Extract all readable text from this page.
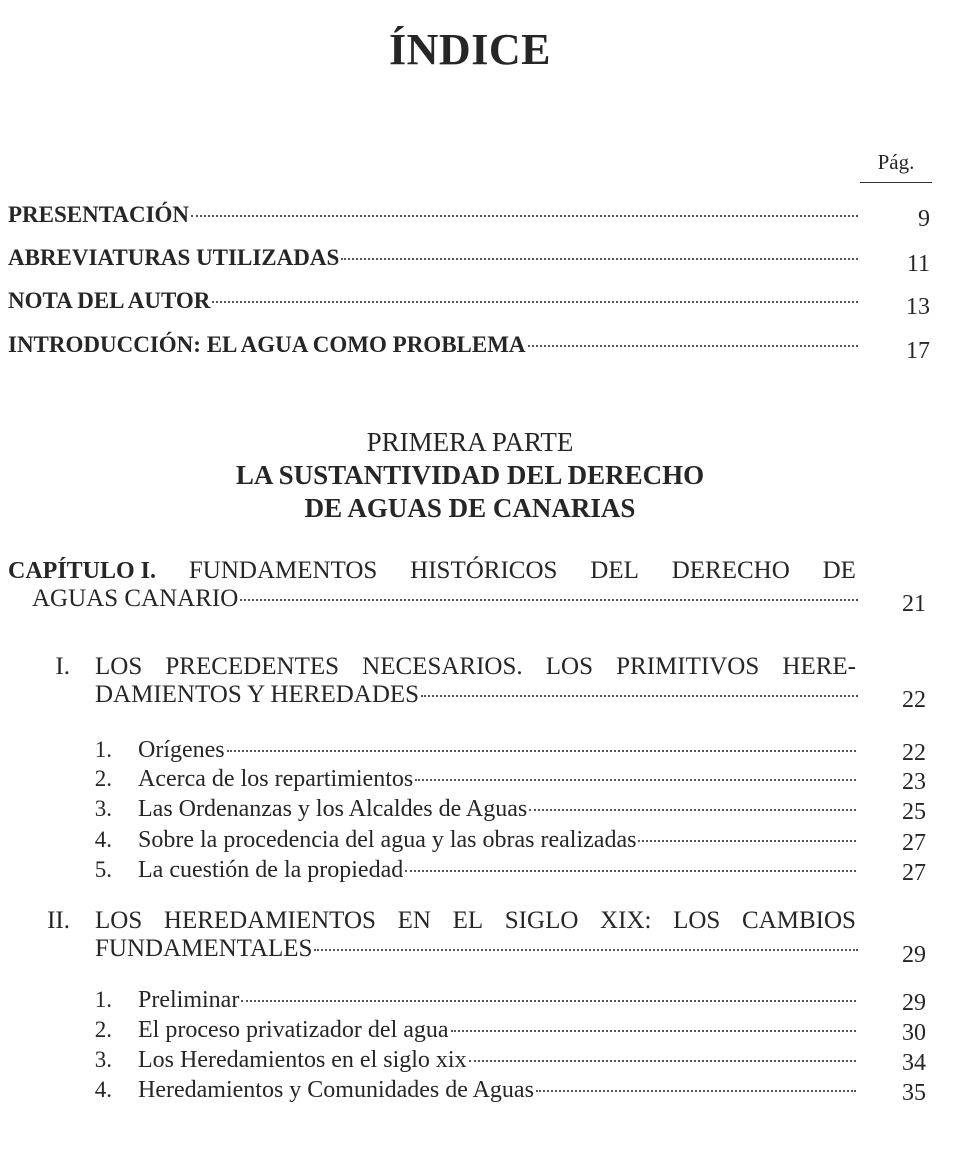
ÍNDICE
Pág.
PRESENTACIÓN	9
ABREVIATURAS UTILIZADAS	11
NOTA DEL AUTOR	13
INTRODUCCIÓN: EL AGUA COMO PROBLEMA	17
PRIMERA PARTE
LA SUSTANTIVIDAD DEL DERECHO
DE AGUAS DE CANARIAS
CAPÍTULO I. FUNDAMENTOS HISTÓRICOS DEL DERECHO DE
AGUAS CANARIO	21
I. LOS PRECEDENTES NECESARIOS. LOS PRIMITIVOS HERE-
DAMIENTOS Y HEREDADES	22
1. Orígenes	22
2. Acerca de los repartimientos	23
3. Las Ordenanzas y los Alcaldes de Aguas	25
4. Sobre la procedencia del agua y las obras realizadas	27
5. La cuestión de la propiedad	27
II. LOS HEREDAMIENTOS EN EL SIGLO XIX: LOS CAMBIOS
FUNDAMENTALES	29
1. Preliminar	29
2. El proceso privatizador del agua	30
3. Los Heredamientos en el siglo xix	34
4. Heredamientos y Comunidades de Aguas	35
